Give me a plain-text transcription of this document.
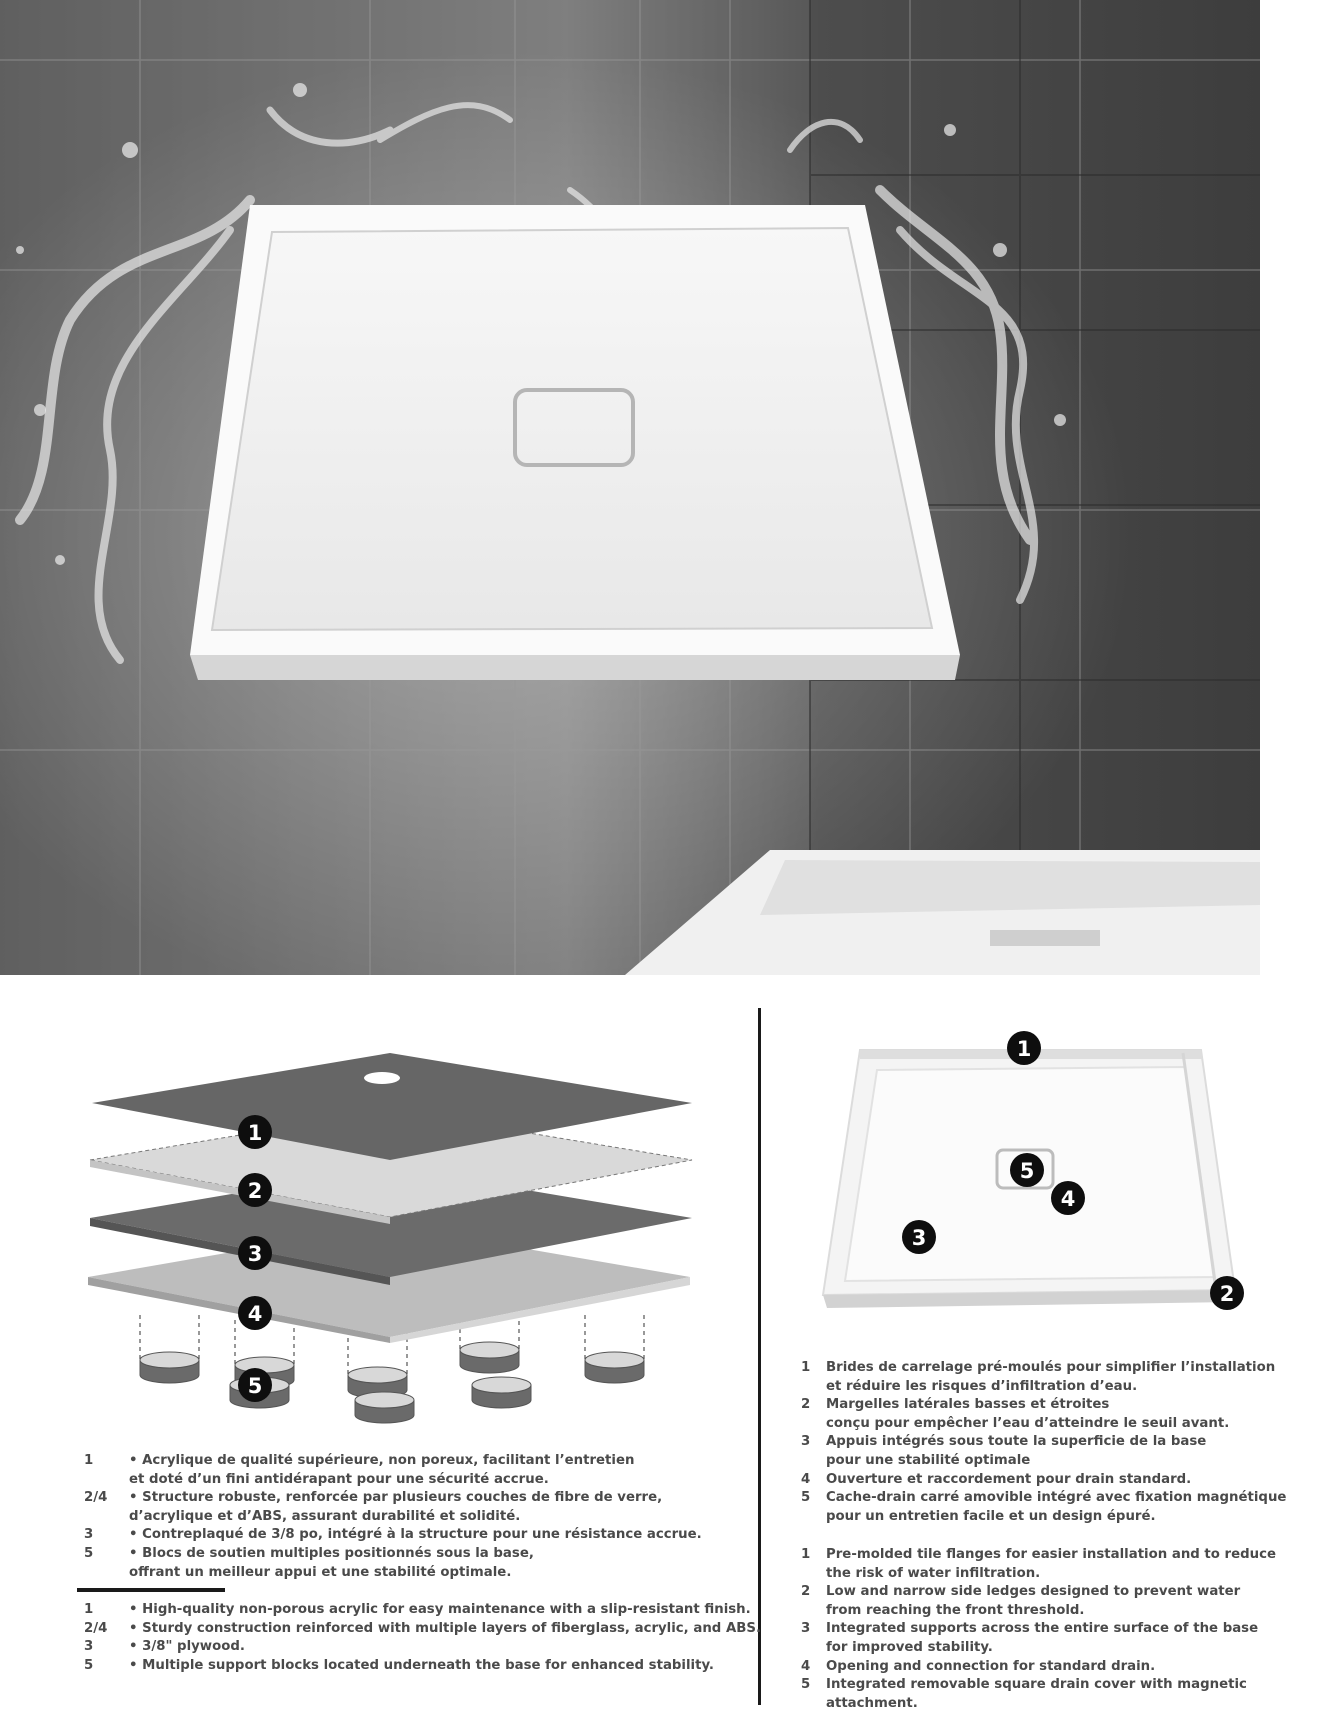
1
2
3
4
5
1
5
4
3
2
1	• Acrylique de qualité supérieure, non poreux, facilitant l’entretien
et doté d’un fini antidérapant pour une sécurité accrue.
2/4	• Structure robuste, renforcée par plusieurs couches de fibre de verre,
d’acrylique et d’ABS, assurant durabilité et solidité.
3	• Contreplaqué de 3/8 po, intégré à la structure pour une résistance accrue.
5	• Blocs de soutien multiples positionnés sous la base,
offrant un meilleur appui et une stabilité optimale.
1	• High-quality non-porous acrylic for easy maintenance with a slip-resistant finish.
2/4	• Sturdy construction reinforced with multiple layers of fiberglass, acrylic, and ABS.
3	• 3/8" plywood.
5	• Multiple support blocks located underneath the base for enhanced stability.
1	Brides de carrelage pré-moulés pour simplifier l’installation
et réduire les risques d’infiltration d’eau.
2	Margelles latérales basses et étroites
conçu pour empêcher l’eau d’atteindre le seuil avant.
3	Appuis intégrés sous toute la superficie de la base
pour une stabilité optimale
4	Ouverture et raccordement pour drain standard.
5	Cache-drain carré amovible intégré avec fixation magnétique
pour un entretien facile et un design épuré.
1	Pre-molded tile flanges for easier installation and to reduce
the risk of water infiltration.
2	Low and narrow side ledges designed to prevent water
from reaching the front threshold.
3	Integrated supports across the entire surface of the base
for improved stability.
4	Opening and connection for standard drain.
5	Integrated removable square drain cover with magnetic attachment.
